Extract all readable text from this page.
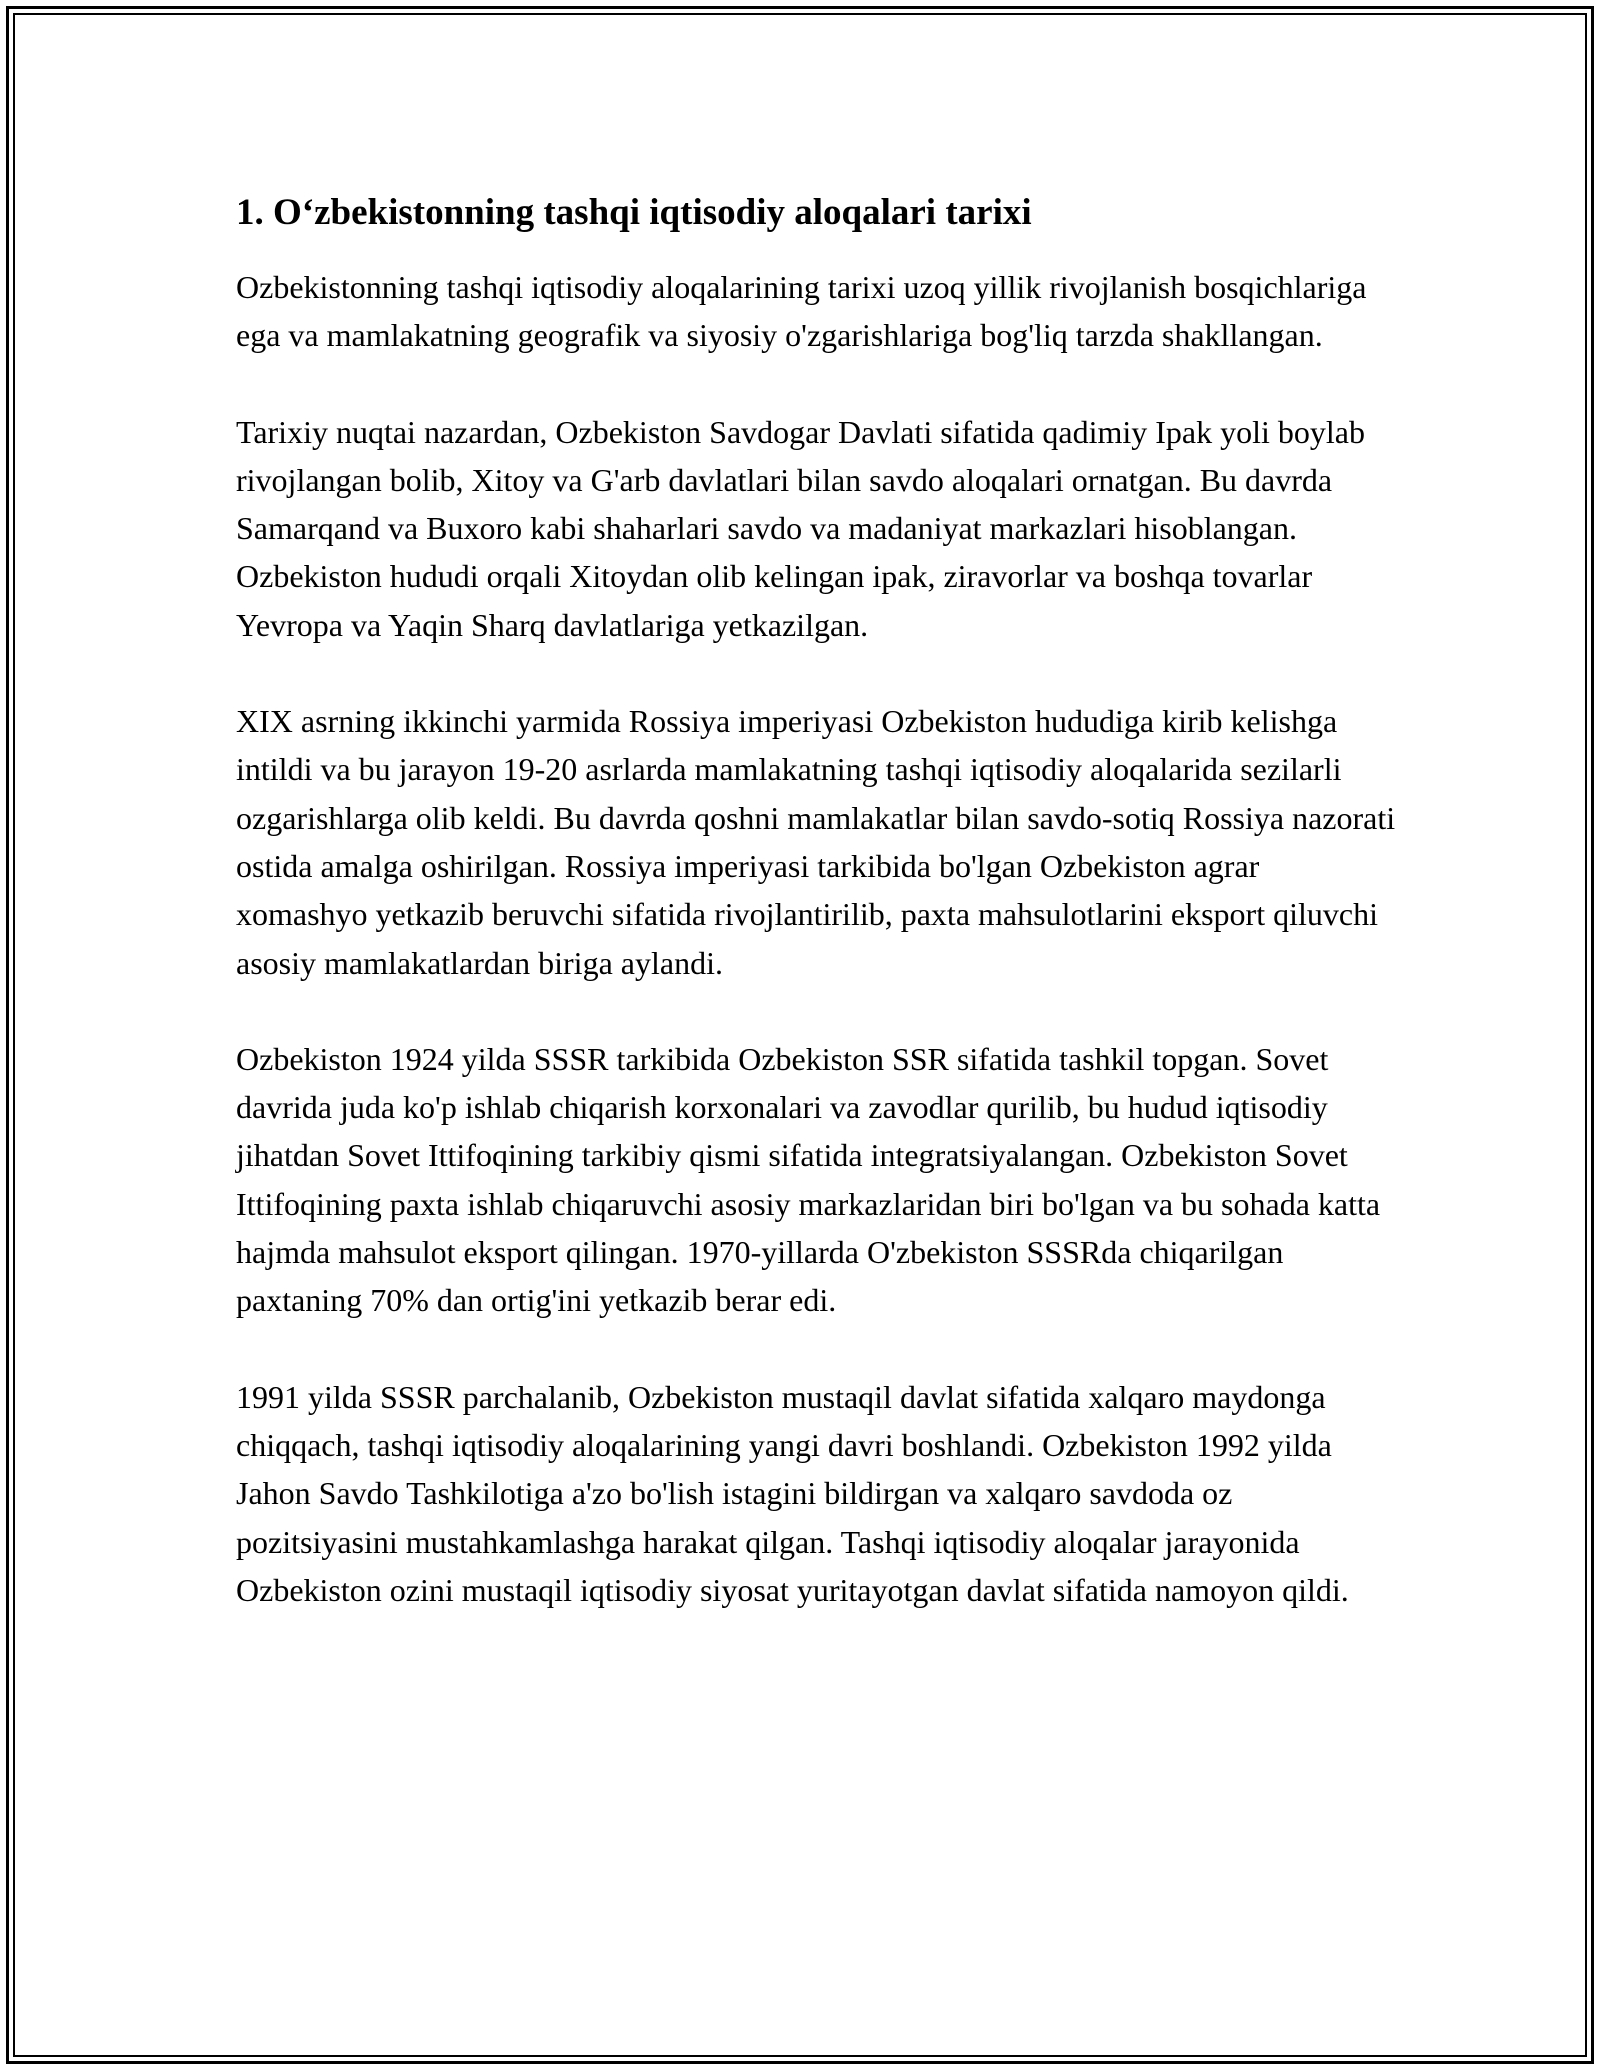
1. O‘zbekistonning tashqi iqtisodiy aloqalari tarixi

Ozbekistonning tashqi iqtisodiy aloqalarining tarixi uzoq yillik rivojlanish bosqichlariga ega va mamlakatning geografik va siyosiy o'zgarishlariga bog'liq tarzda shakllangan.

Tarixiy nuqtai nazardan, Ozbekiston Savdogar Davlati sifatida qadimiy Ipak yoli boylab rivojlangan bolib, Xitoy va G'arb davlatlari bilan savdo aloqalari ornatgan. Bu davrda Samarqand va Buxoro kabi shaharlari savdo va madaniyat markazlari hisoblangan. Ozbekiston hududi orqali Xitoydan olib kelingan ipak, ziravorlar va boshqa tovarlar Yevropa va Yaqin Sharq davlatlariga yetkazilgan.

XIX asrning ikkinchi yarmida Rossiya imperiyasi Ozbekiston hududiga kirib kelishga intildi va bu jarayon 19-20 asrlarda mamlakatning tashqi iqtisodiy aloqalarida sezilarli ozgarishlarga olib keldi. Bu davrda qoshni mamlakatlar bilan savdo-sotiq Rossiya nazorati ostida amalga oshirilgan. Rossiya imperiyasi tarkibida bo'lgan Ozbekiston agrar xomashyo yetkazib beruvchi sifatida rivojlantirilib, paxta mahsulotlarini eksport qiluvchi asosiy mamlakatlardan biriga aylandi.

Ozbekiston 1924 yilda SSSR tarkibida Ozbekiston SSR sifatida tashkil topgan. Sovet davrida juda ko'p ishlab chiqarish korxonalari va zavodlar qurilib, bu hudud iqtisodiy jihatdan Sovet Ittifoqining tarkibiy qismi sifatida integratsiyalangan. Ozbekiston Sovet Ittifoqining paxta ishlab chiqaruvchi asosiy markazlaridan biri bo'lgan va bu sohada katta hajmda mahsulot eksport qilingan. 1970-yillarda O'zbekiston SSSRda chiqarilgan paxtaning 70% dan ortig'ini yetkazib berar edi.

1991 yilda SSSR parchalanib, Ozbekiston mustaqil davlat sifatida xalqaro maydonga chiqqach, tashqi iqtisodiy aloqalarining yangi davri boshlandi. Ozbekiston 1992 yilda Jahon Savdo Tashkilotiga a'zo bo'lish istagini bildirgan va xalqaro savdoda oz pozitsiyasini mustahkamlashga harakat qilgan. Tashqi iqtisodiy aloqalar jarayonida Ozbekiston ozini mustaqil iqtisodiy siyosat yuritayotgan davlat sifatida namoyon qildi.
